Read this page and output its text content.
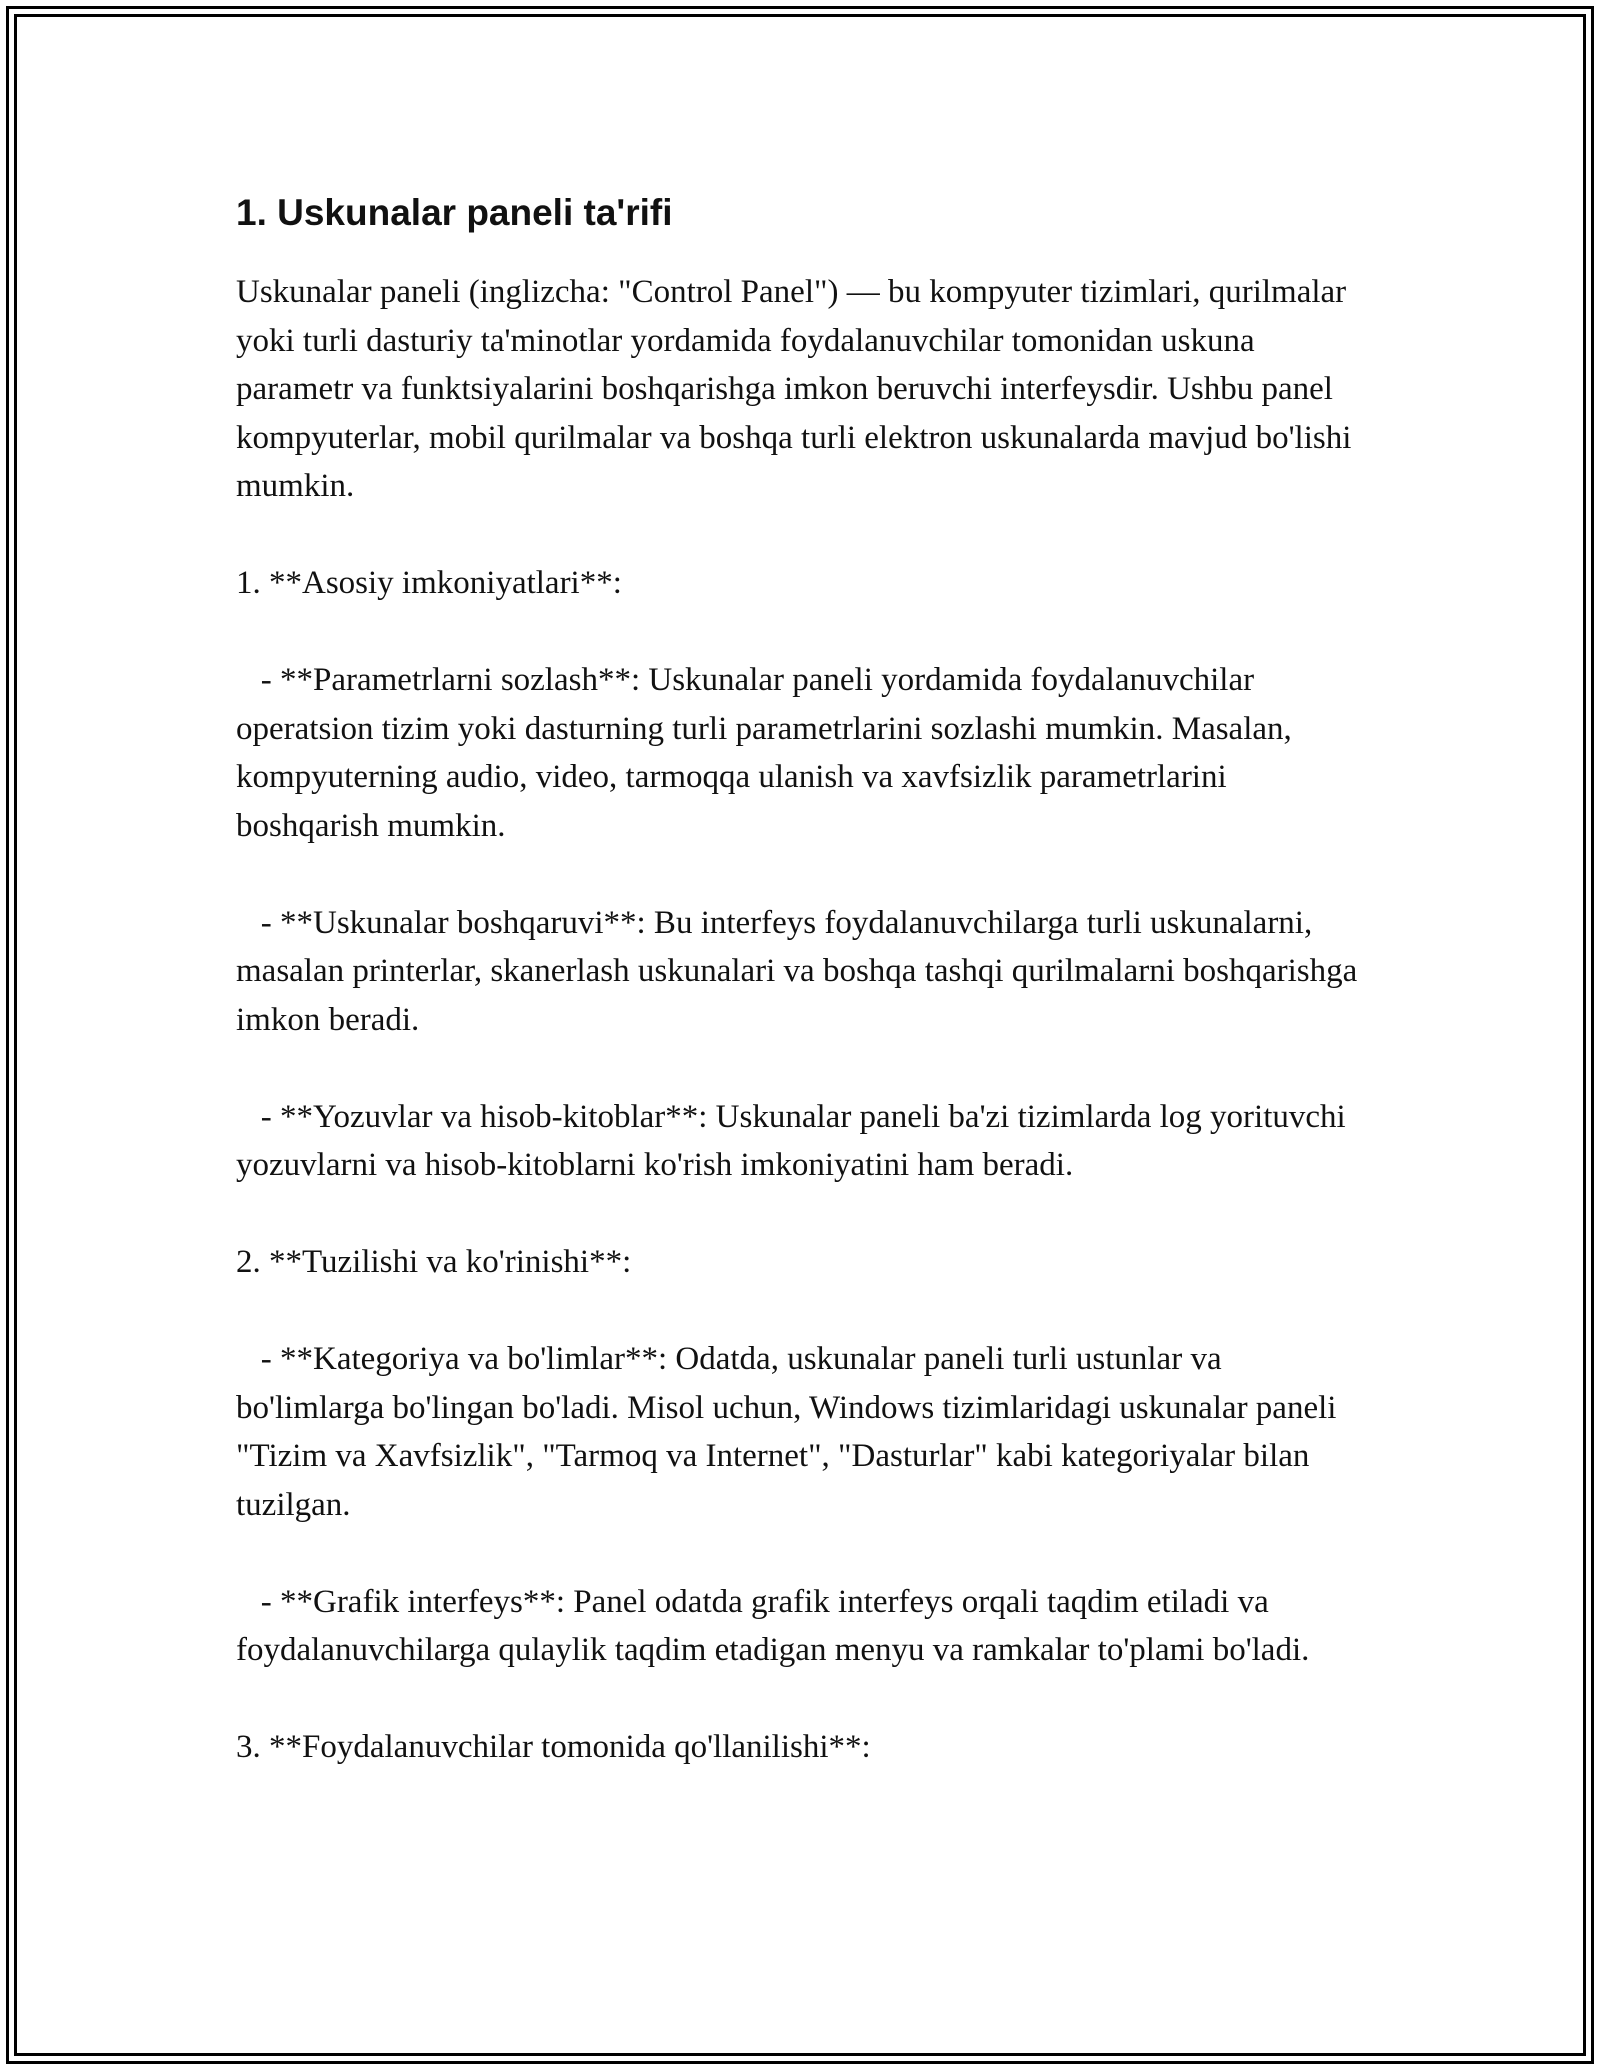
1. Uskunalar paneli ta'rifi

Uskunalar paneli (inglizcha: "Control Panel") — bu kompyuter tizimlari, qurilmalar yoki turli dasturiy ta'minotlar yordamida foydalanuvchilar tomonidan uskuna parametr va funktsiyalarini boshqarishga imkon beruvchi interfeysdir. Ushbu panel kompyuterlar, mobil qurilmalar va boshqa turli elektron uskunalarda mavjud bo'lishi mumkin.

1. **Asosiy imkoniyatlari**:

- **Parametrlarni sozlash**: Uskunalar paneli yordamida foydalanuvchilar operatsion tizim yoki dasturning turli parametrlarini sozlashi mumkin. Masalan, kompyuterning audio, video, tarmoqqa ulanish va xavfsizlik parametrlarini boshqarish mumkin.

- **Uskunalar boshqaruvi**: Bu interfeys foydalanuvchilarga turli uskunalarni, masalan printerlar, skanerlash uskunalari va boshqa tashqi qurilmalarni boshqarishga imkon beradi.

- **Yozuvlar va hisob-kitoblar**: Uskunalar paneli ba'zi tizimlarda log yorituvchi yozuvlarni va hisob-kitoblarni ko'rish imkoniyatini ham beradi.

2. **Tuzilishi va ko'rinishi**:

- **Kategoriya va bo'limlar**: Odatda, uskunalar paneli turli ustunlar va bo'limlarga bo'lingan bo'ladi. Misol uchun, Windows tizimlaridagi uskunalar paneli "Tizim va Xavfsizlik", "Tarmoq va Internet", "Dasturlar" kabi kategoriyalar bilan tuzilgan.

- **Grafik interfeys**: Panel odatda grafik interfeys orqali taqdim etiladi va foydalanuvchilarga qulaylik taqdim etadigan menyu va ramkalar to'plami bo'ladi.

3. **Foydalanuvchilar tomonida qo'llanilishi**:
